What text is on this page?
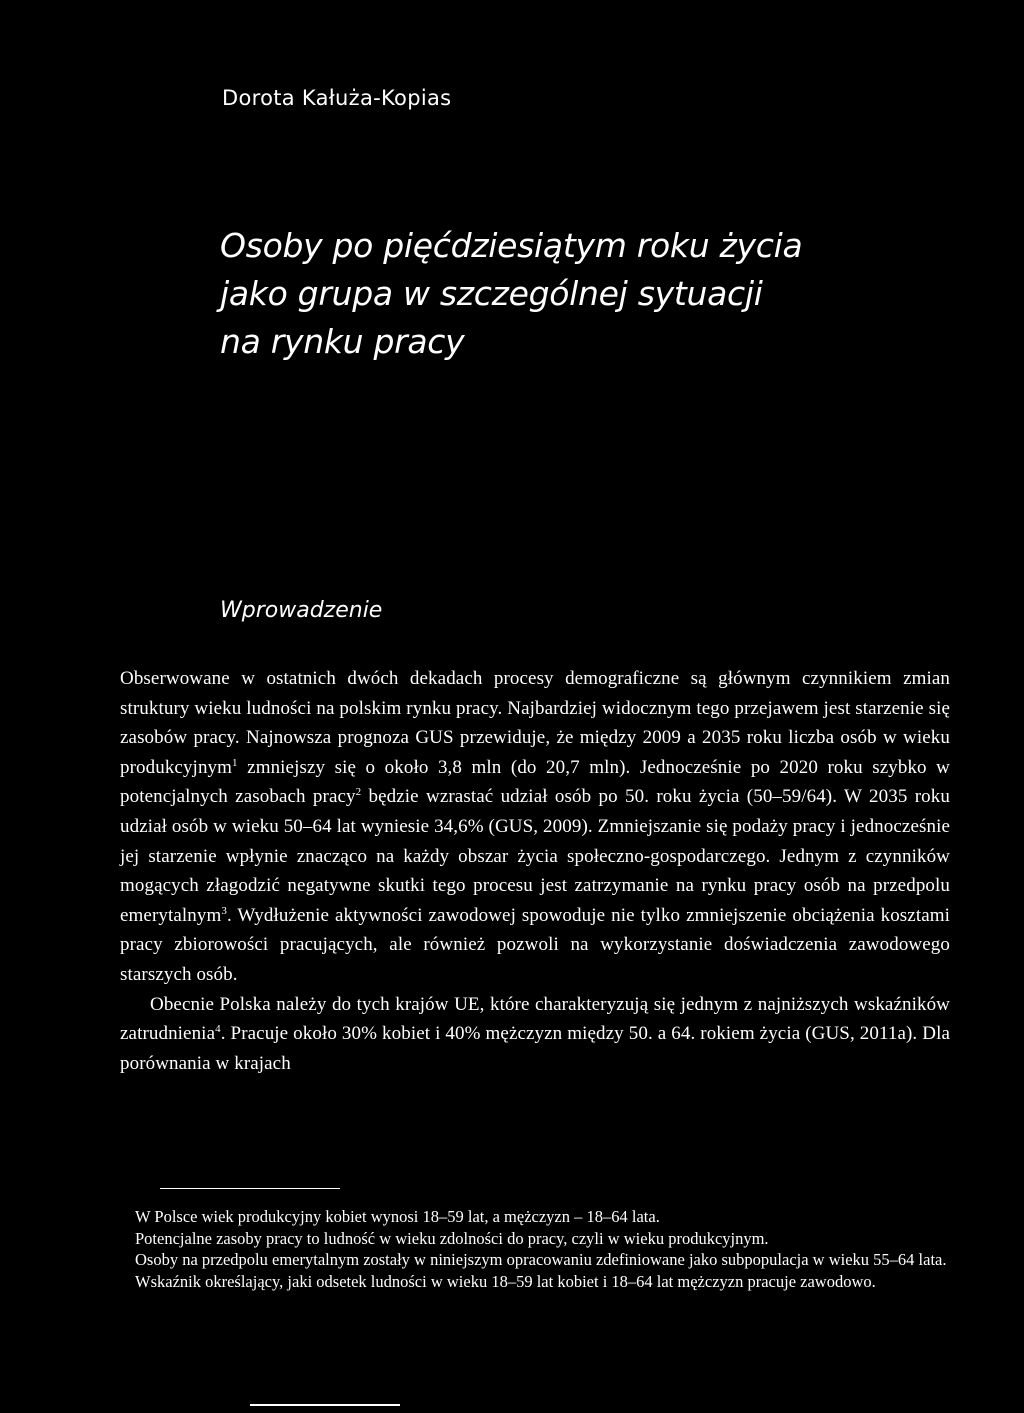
Dorota Kałuża-Kopias
Osoby po pięćdziesiątym roku życia
jako grupa w szczególnej sytuacji
na rynku pracy
Wprowadzenie

Obserwowane w ostatnich dwóch dekadach procesy demograficzne są głównym czynnikiem zmian struktury wieku ludności na polskim rynku pracy. Najbardziej widocznym tego przejawem jest starzenie się zasobów pracy. Najnowsza prognoza GUS przewiduje, że między 2009 a 2035 roku liczba osób w wieku produkcyjnym$^1$ zmniejszy się o około 3,8 mln (do 20,7 mln). Jednocześnie po 2020 roku szybko w potencjalnych zasobach pracy$^2$ będzie wzrastać udział osób po 50. roku życia (50–59/64). W 2035 roku udział osób w wieku 50–64 lat wyniesie 34,6% (GUS, 2009). Zmniejszanie się podaży pracy i jednocześnie jej starzenie wpłynie znacząco na każdy obszar życia społeczno-gospodarczego. Jednym z czynników mogących złagodzić negatywne skutki tego procesu jest zatrzymanie na rynku pracy osób na przedpolu emerytalnym$^3$. Wydłużenie aktywności zawodowej spowoduje nie tylko zmniejszenie obciążenia kosztami pracy zbiorowości pracujących, ale również pozwoli na wykorzystanie doświadczenia zawodowego starszych osób.

Obecnie Polska należy do tych krajów UE, które charakteryzują się jednym z najniższych wskaźników zatrudnienia$^4$. Pracuje około 30% kobiet i 40% mężczyzn między 50. a 64. rokiem życia (GUS, 2011a). Dla porównania w krajach

W Polsce wiek produkcyjny kobiet wynosi 18–59 lat, a mężczyzn – 18–64 lata.

Potencjalne zasoby pracy to ludność w wieku zdolności do pracy, czyli w wieku produkcyjnym.

Osoby na przedpolu emerytalnym zostały w niniejszym opracowaniu zdefiniowane jako subpopulacja w wieku 55–64 lata.

Wskaźnik określający, jaki odsetek ludności w wieku 18–59 lat kobiet i 18–64 lat mężczyzn pracuje zawodowo.
